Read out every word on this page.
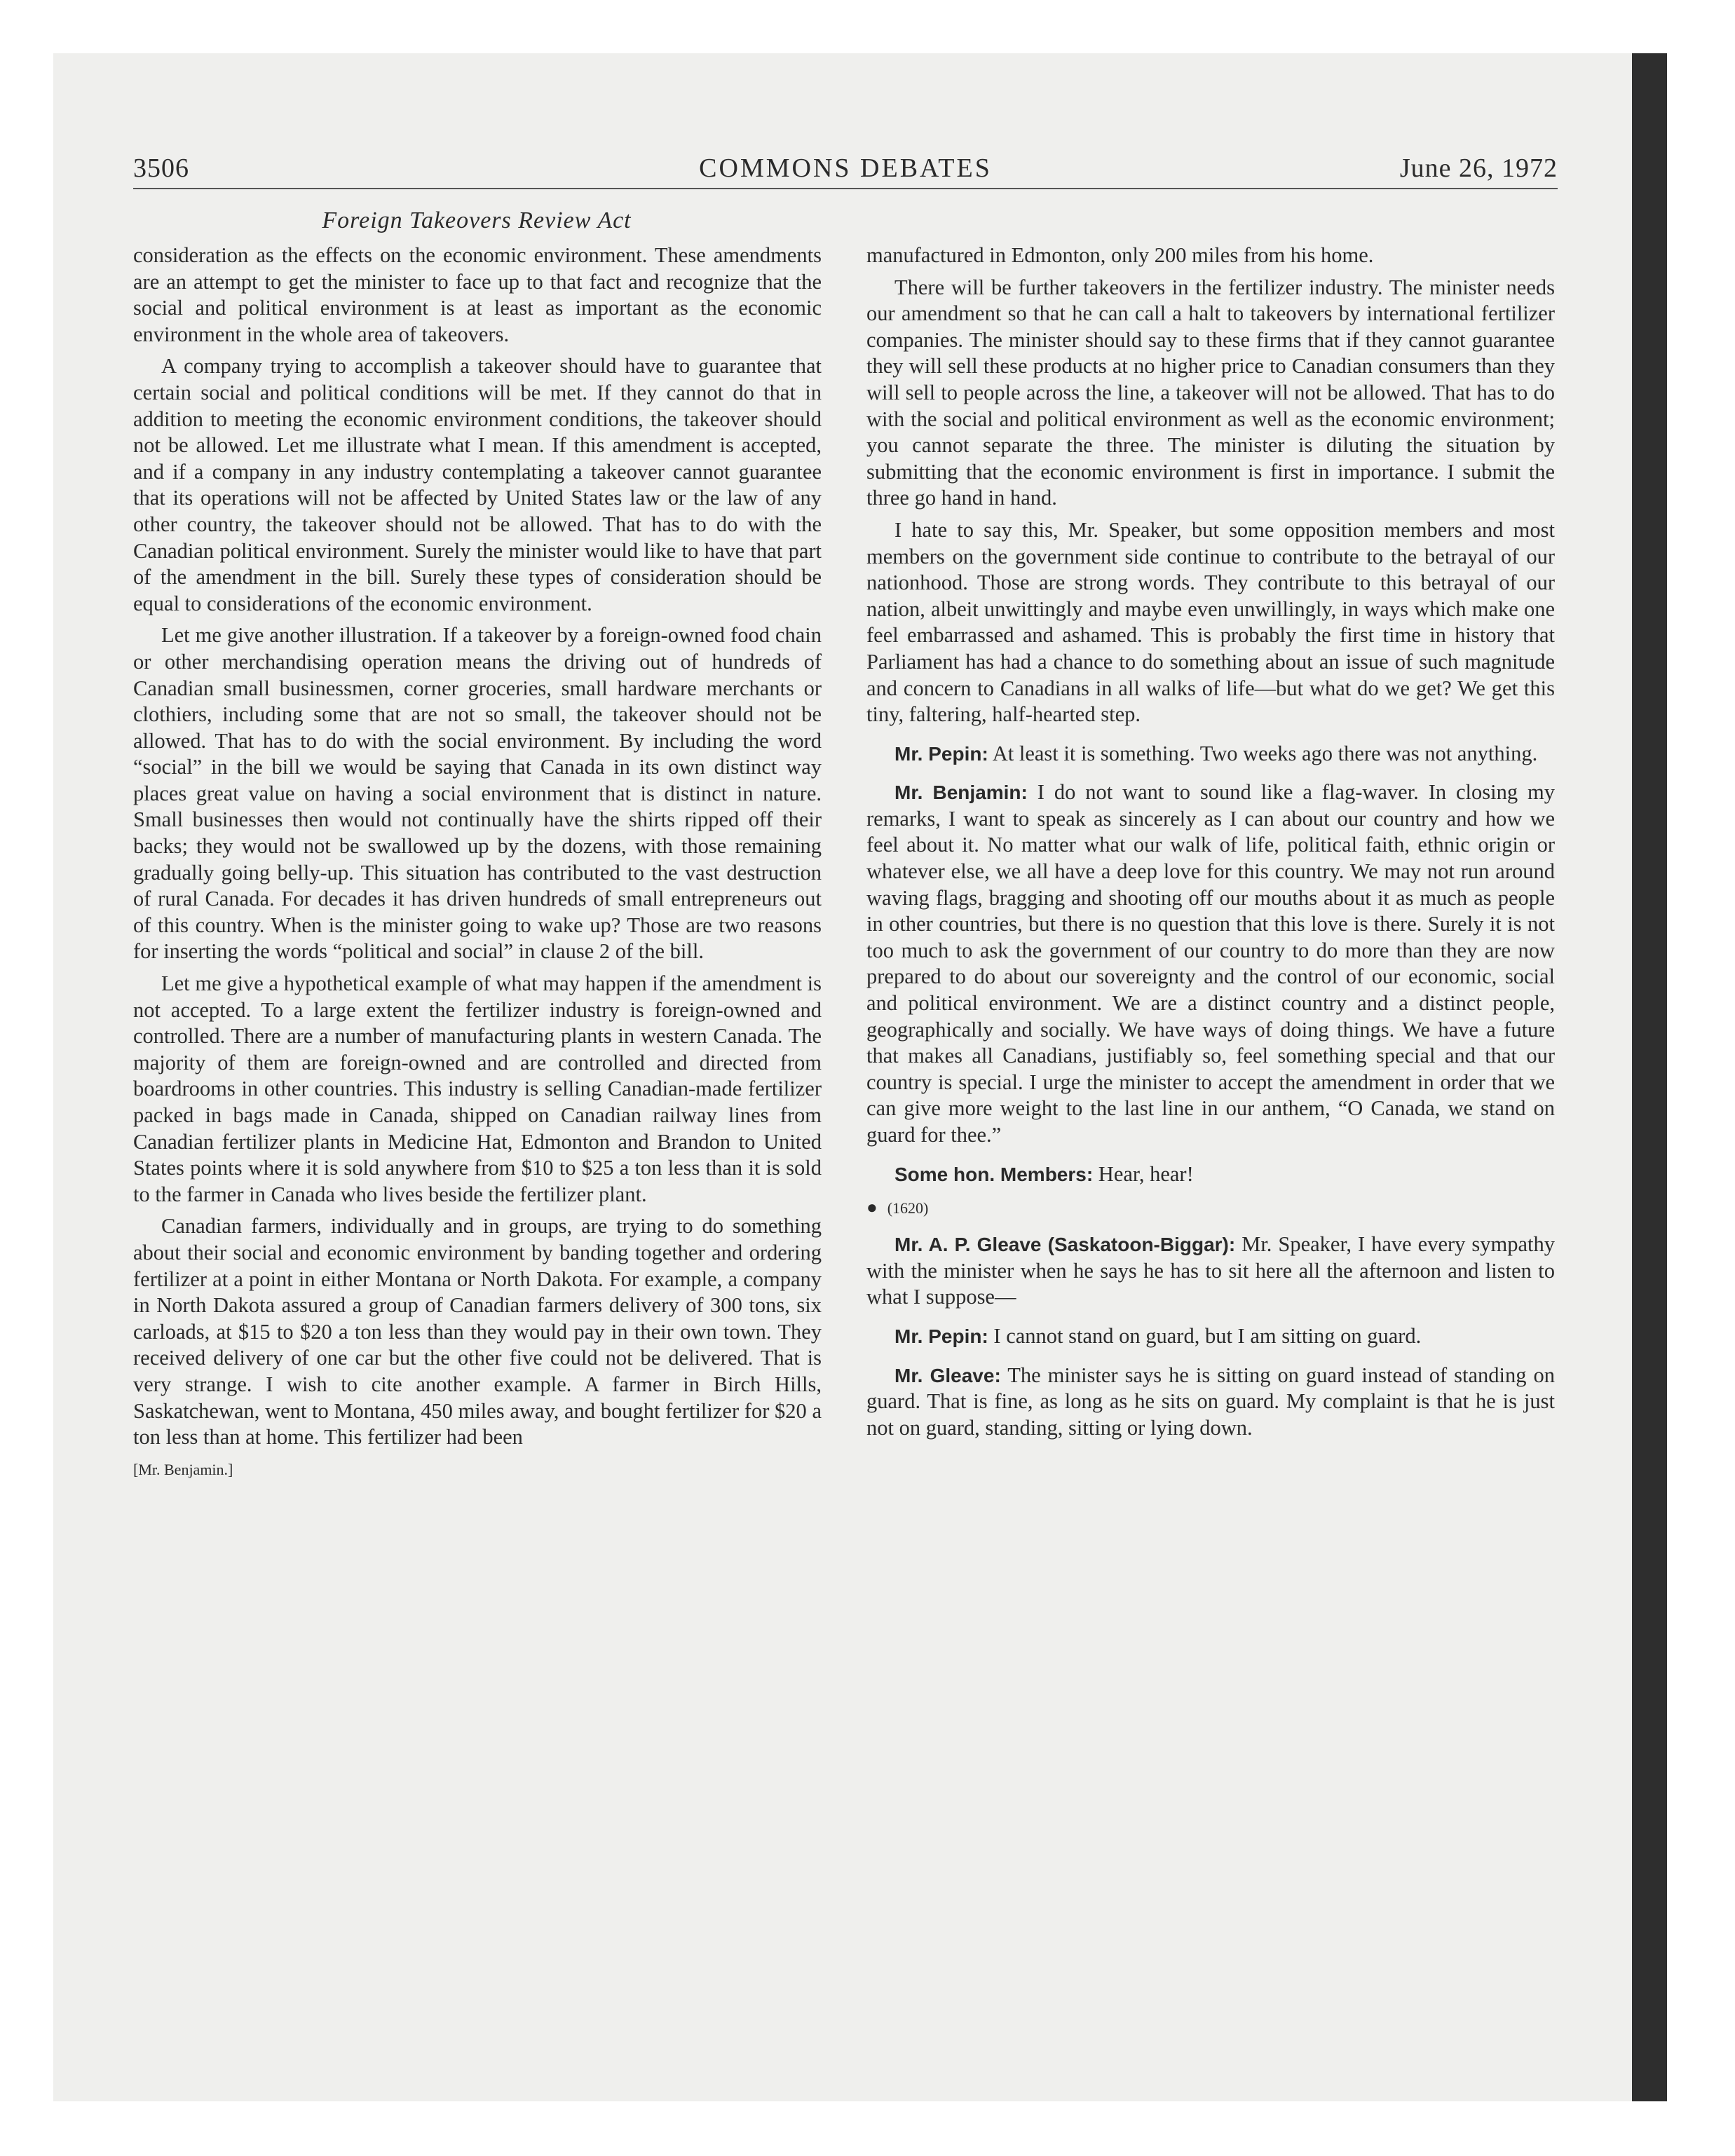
3506	COMMONS DEBATES	June 26, 1972
Foreign Takeovers Review Act

consideration as the effects on the economic environment. These amendments are an attempt to get the minister to face up to that fact and recognize that the social and political environment is at least as important as the economic environment in the whole area of takeovers.

A company trying to accomplish a takeover should have to guarantee that certain social and political conditions will be met. If they cannot do that in addition to meeting the economic environment conditions, the takeover should not be allowed. Let me illustrate what I mean. If this amendment is accepted, and if a company in any industry contemplating a takeover cannot guarantee that its operations will not be affected by United States law or the law of any other country, the takeover should not be allowed. That has to do with the Canadian political environment. Surely the minister would like to have that part of the amendment in the bill. Surely these types of consideration should be equal to considerations of the economic environment.

Let me give another illustration. If a takeover by a foreign-owned food chain or other merchandising operation means the driving out of hundreds of Canadian small businessmen, corner groceries, small hardware merchants or clothiers, including some that are not so small, the takeover should not be allowed. That has to do with the social environment. By including the word “social” in the bill we would be saying that Canada in its own distinct way places great value on having a social environment that is distinct in nature. Small businesses then would not continually have the shirts ripped off their backs; they would not be swallowed up by the dozens, with those remaining gradually going belly-up. This situation has contributed to the vast destruction of rural Canada. For decades it has driven hundreds of small entrepreneurs out of this country. When is the minister going to wake up? Those are two reasons for inserting the words “political and social” in clause 2 of the bill.

Let me give a hypothetical example of what may happen if the amendment is not accepted. To a large extent the fertilizer industry is foreign-owned and controlled. There are a number of manufacturing plants in western Canada. The majority of them are foreign-owned and are controlled and directed from boardrooms in other countries. This industry is selling Canadian-made fertilizer packed in bags made in Canada, shipped on Canadian railway lines from Canadian fertilizer plants in Medicine Hat, Edmonton and Brandon to United States points where it is sold anywhere from $10 to $25 a ton less than it is sold to the farmer in Canada who lives beside the fertilizer plant.

Canadian farmers, individually and in groups, are trying to do something about their social and economic environment by banding together and ordering fertilizer at a point in either Montana or North Dakota. For example, a company in North Dakota assured a group of Canadian farmers delivery of 300 tons, six carloads, at $15 to $20 a ton less than they would pay in their own town. They received delivery of one car but the other five could not be delivered. That is very strange. I wish to cite another example. A farmer in Birch Hills, Saskatchewan, went to Montana, 450 miles away, and bought fertilizer for $20 a ton less than at home. This fertilizer had been

[Mr. Benjamin.]

manufactured in Edmonton, only 200 miles from his home.

There will be further takeovers in the fertilizer industry. The minister needs our amendment so that he can call a halt to takeovers by international fertilizer companies. The minister should say to these firms that if they cannot guarantee they will sell these products at no higher price to Canadian consumers than they will sell to people across the line, a takeover will not be allowed. That has to do with the social and political environment as well as the economic environment; you cannot separate the three. The minister is diluting the situation by submitting that the economic environment is first in importance. I submit the three go hand in hand.

I hate to say this, Mr. Speaker, but some opposition members and most members on the government side continue to contribute to the betrayal of our nationhood. Those are strong words. They contribute to this betrayal of our nation, albeit unwittingly and maybe even unwillingly, in ways which make one feel embarrassed and ashamed. This is probably the first time in history that Parliament has had a chance to do something about an issue of such magnitude and concern to Canadians in all walks of life—but what do we get? We get this tiny, faltering, half-hearted step.

Mr. Pepin: At least it is something. Two weeks ago there was not anything.

Mr. Benjamin: I do not want to sound like a flag-waver. In closing my remarks, I want to speak as sincerely as I can about our country and how we feel about it. No matter what our walk of life, political faith, ethnic origin or whatever else, we all have a deep love for this country. We may not run around waving flags, bragging and shooting off our mouths about it as much as people in other countries, but there is no question that this love is there. Surely it is not too much to ask the government of our country to do more than they are now prepared to do about our sovereignty and the control of our economic, social and political environment. We are a distinct country and a distinct people, geographically and socially. We have ways of doing things. We have a future that makes all Canadians, justifiably so, feel something special and that our country is special. I urge the minister to accept the amendment in order that we can give more weight to the last line in our anthem, “O Canada, we stand on guard for thee.”

Some hon. Members: Hear, hear!

● (1620)

Mr. A. P. Gleave (Saskatoon-Biggar): Mr. Speaker, I have every sympathy with the minister when he says he has to sit here all the afternoon and listen to what I suppose—

Mr. Pepin: I cannot stand on guard, but I am sitting on guard.

Mr. Gleave: The minister says he is sitting on guard instead of standing on guard. That is fine, as long as he sits on guard. My complaint is that he is just not on guard, standing, sitting or lying down.
